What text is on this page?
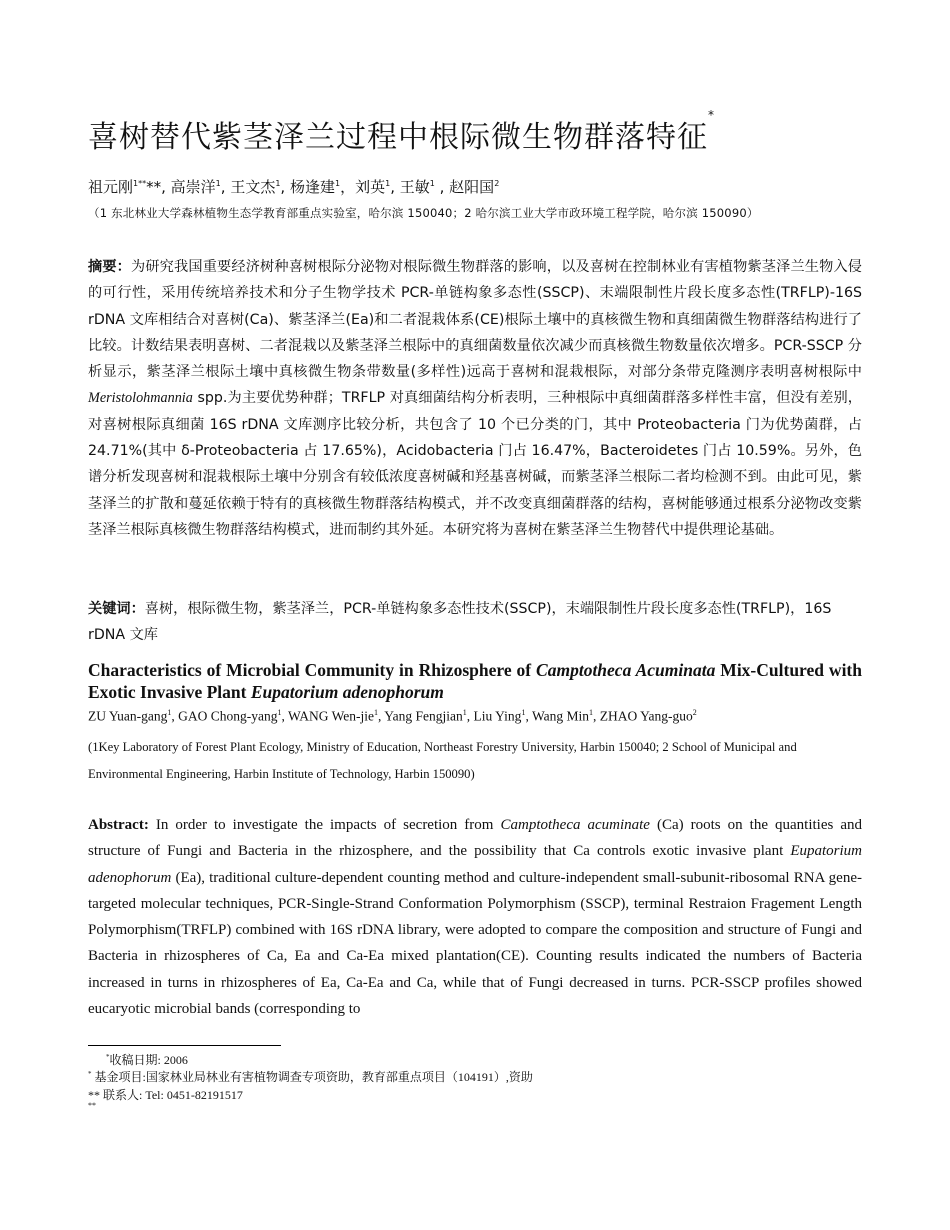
喜树替代紫茎泽兰过程中根际微生物群落特征*
祖元刚$^{1**}$**, 高崇洋$^1$, 王文杰$^1$, 杨逢建$^1$，刘英$^1$, 王敏$^1$ , 赵阳国$^2$
（1 东北林业大学森林植物生态学教育部重点实验室，哈尔滨 150040；2 哈尔滨工业大学市政环境工程学院，哈尔滨 150090）
摘要：为研究我国重要经济树种喜树根际分泌物对根际微生物群落的影响，以及喜树在控制林业有害植物紫茎泽兰生物入侵的可行性，采用传统培养技术和分子生物学技术 PCR-单链构象多态性(SSCP)、末端限制性片段长度多态性(TRFLP)-16S rDNA 文库相结合对喜树(Ca)、紫茎泽兰(Ea)和二者混栽体系(CE)根际土壤中的真核微生物和真细菌微生物群落结构进行了比较。计数结果表明喜树、二者混栽以及紫茎泽兰根际中的真细菌数量依次减少而真核微生物数量依次增多。PCR-SSCP 分析显示，紫茎泽兰根际土壤中真核微生物条带数量(多样性)远高于喜树和混栽根际，对部分条带克隆测序表明喜树根际中 Meristolohmannia spp.为主要优势种群；TRFLP 对真细菌结构分析表明，三种根际中真细菌群落多样性丰富，但没有差别，对喜树根际真细菌 16S rDNA 文库测序比较分析，共包含了 10 个已分类的门，其中 Proteobacteria 门为优势菌群，占 24.71%(其中 δ-Proteobacteria 占 17.65%)，Acidobacteria 门占 16.47%，Bacteroidetes 门占 10.59%。另外，色谱分析发现喜树和混栽根际土壤中分别含有较低浓度喜树碱和羟基喜树碱，而紫茎泽兰根际二者均检测不到。由此可见，紫茎泽兰的扩散和蔓延依赖于特有的真核微生物群落结构模式，并不改变真细菌群落的结构，喜树能够通过根系分泌物改变紫茎泽兰根际真核微生物群落结构模式，进而制约其外延。本研究将为喜树在紫茎泽兰生物替代中提供理论基础。
关键词：喜树，根际微生物，紫茎泽兰，PCR-单链构象多态性技术(SSCP)，末端限制性片段长度多态性(TRFLP)，16S rDNA 文库
Characteristics of Microbial Community in Rhizosphere of Camptotheca Acuminata Mix-Cultured with Exotic Invasive Plant Eupatorium adenophorum
ZU Yuan-gang$^1$, GAO Chong-yang$^1$, WANG Wen-jie$^1$, Yang Fengjian$^1$, Liu Ying$^1$, Wang Min$^1$, ZHAO Yang-guo$^2$
(1Key Laboratory of Forest Plant Ecology, Ministry of Education, Northeast Forestry University, Harbin 150040; 2 School of Municipal and Environmental Engineering, Harbin Institute of Technology, Harbin 150090)
Abstract: In order to investigate the impacts of secretion from Camptotheca acuminate (Ca) roots on the quantities and structure of Fungi and Bacteria in the rhizosphere, and the possibility that Ca controls exotic invasive plant Eupatorium adenophorum (Ea), traditional culture-dependent counting method and culture-independent small-subunit-ribosomal RNA gene-targeted molecular techniques, PCR-Single-Strand Conformation Polymorphism (SSCP), terminal Restraion Fragement Length Polymorphism(TRFLP) combined with 16S rDNA library, were adopted to compare the composition and structure of Fungi and Bacteria in rhizospheres of Ca, Ea and Ca-Ea mixed plantation(CE). Counting results indicated the numbers of Bacteria increased in turns in rhizospheres of Ea, Ca-Ea and Ca, while that of Fungi decreased in turns. PCR-SSCP profiles showed eucaryotic microbial bands (corresponding to
*收稿日期: 2006
* 基金项目:国家林业局林业有害植物调查专项资助，教育部重点项目（104191）,资助
** 联系人: Tel: 0451-82191517
**
